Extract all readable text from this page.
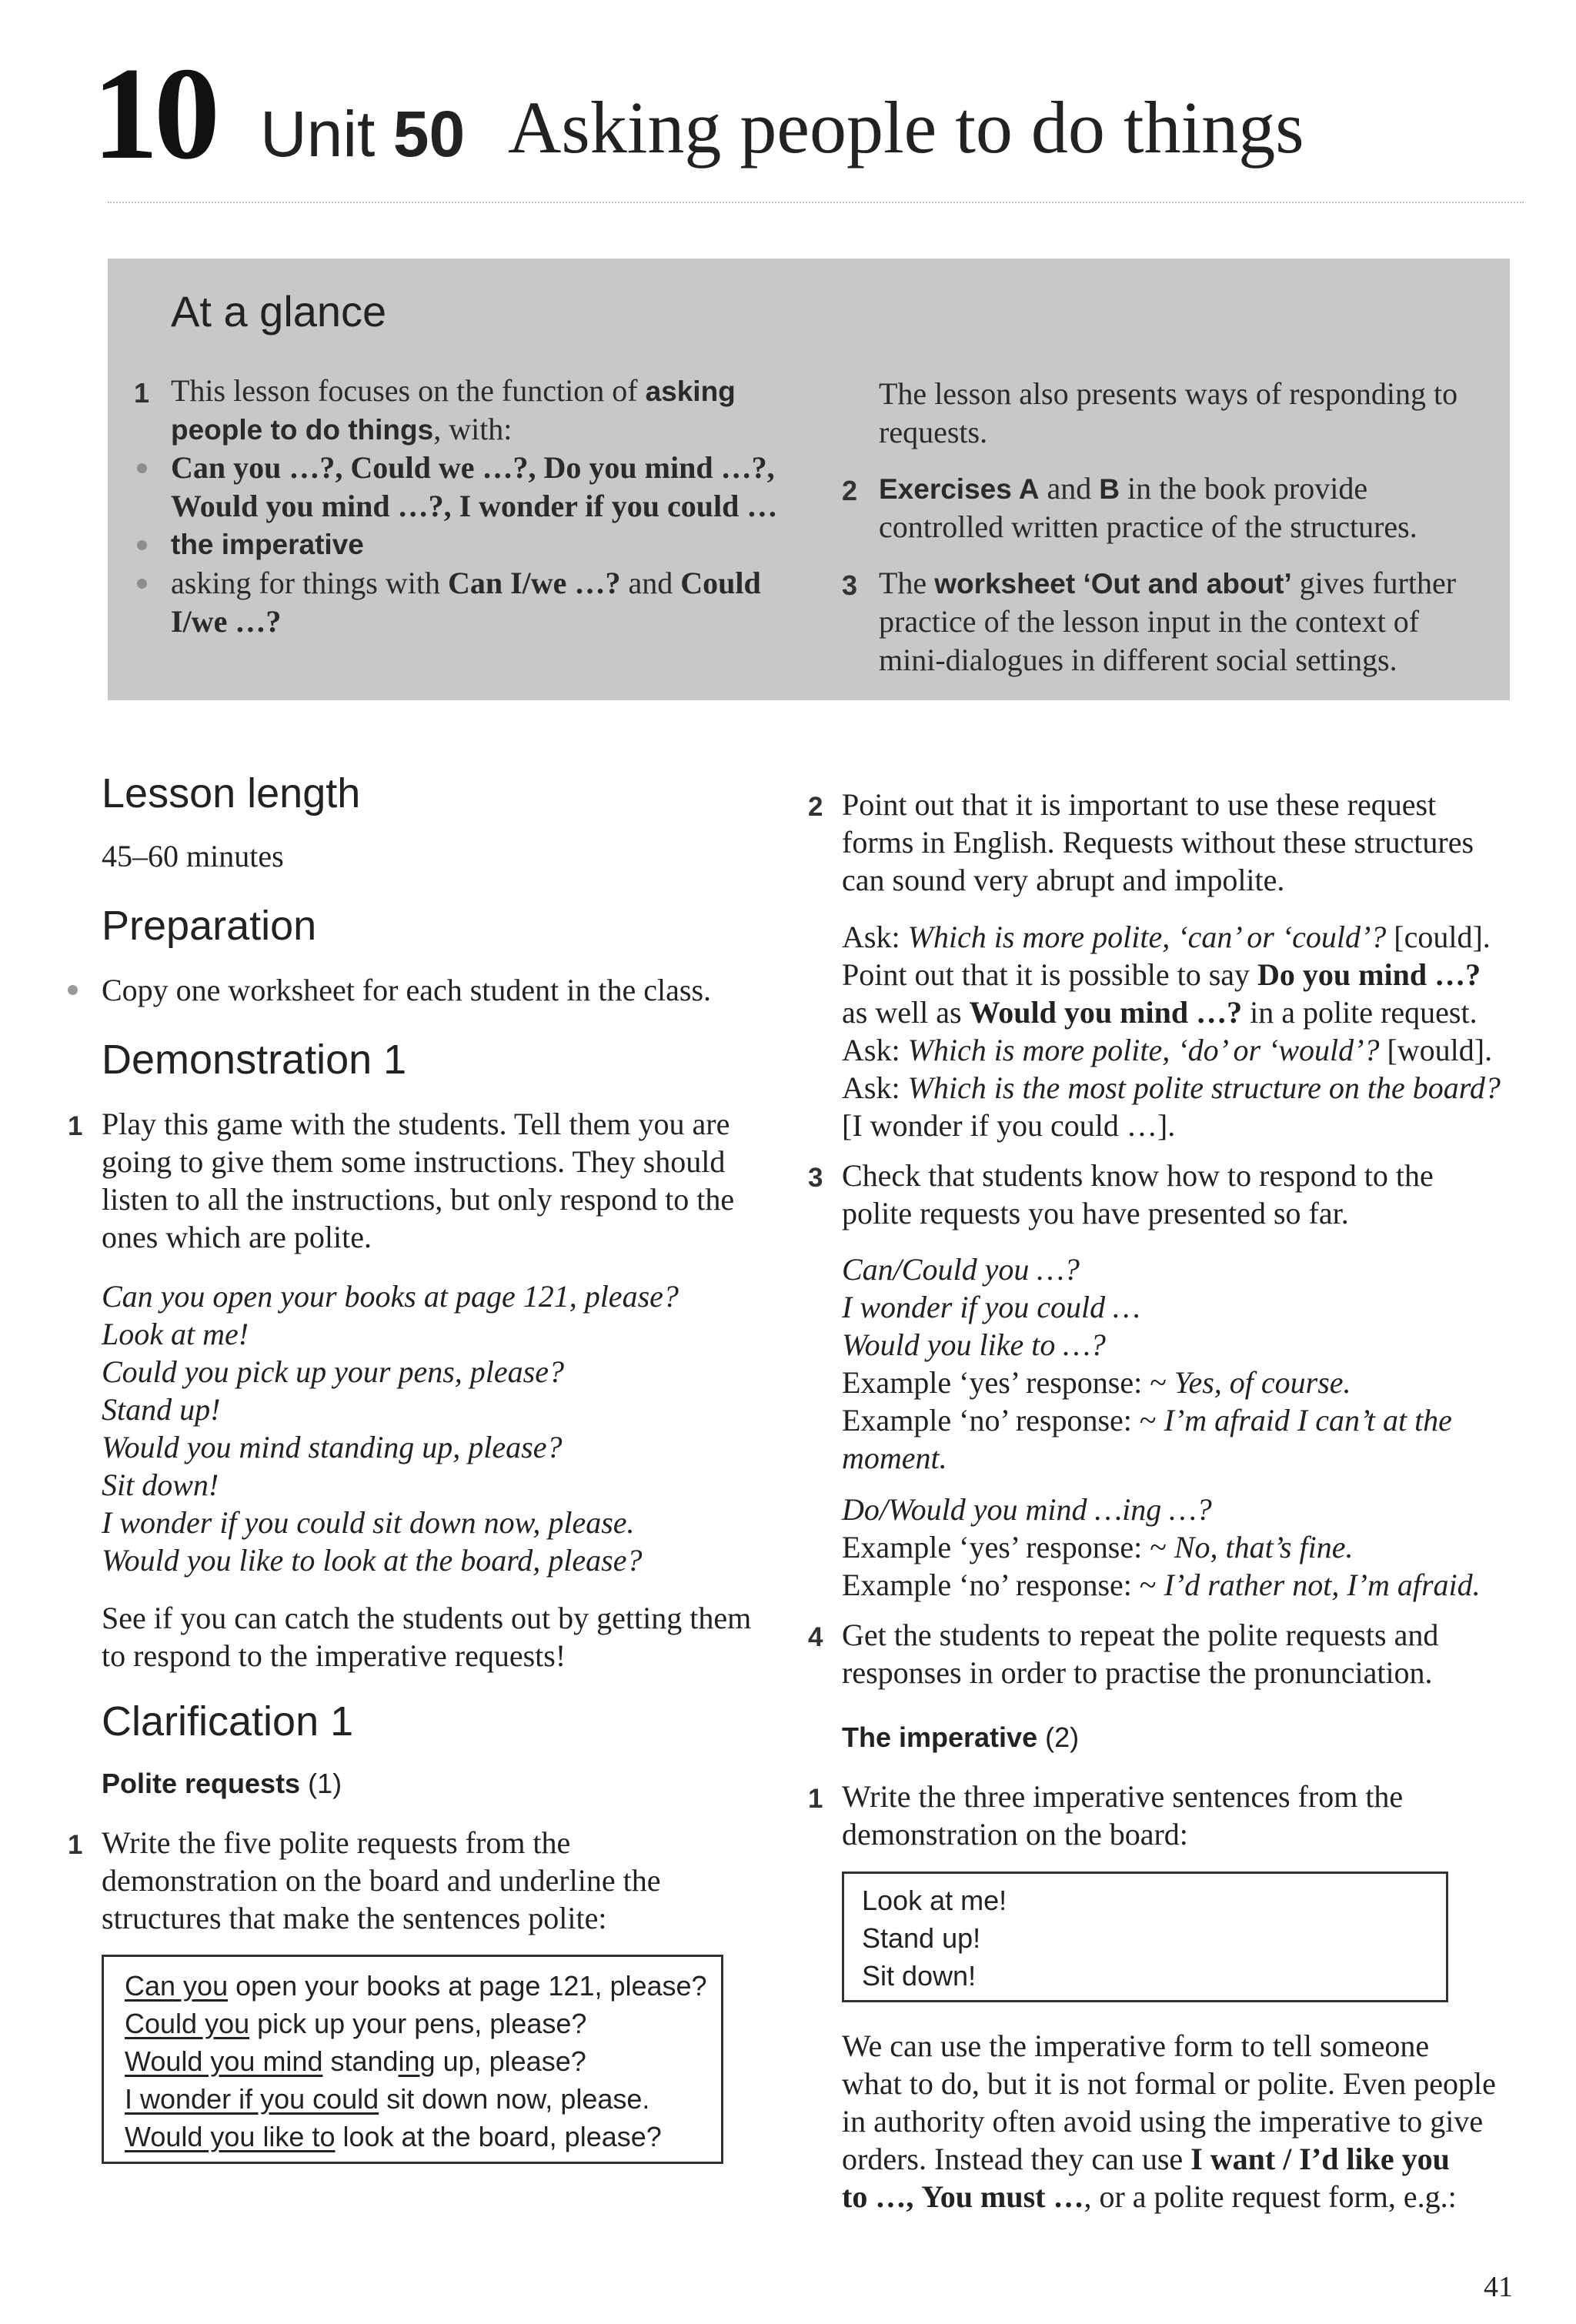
10 Unit 50 Asking people to do things
At a glance
1 This lesson focuses on the function of asking
people to do things, with:
Can you …?, Could we …?, Do you mind …?,
Would you mind …?, I wonder if you could …
the imperative
asking for things with Can I/we …? and Could
I/we …?
The lesson also presents ways of responding to
requests.
2 Exercises A and B in the book provide
controlled written practice of the structures.
3 The worksheet ‘Out and about’ gives further
practice of the lesson input in the context of
mini-dialogues in different social settings.
Lesson length
45–60 minutes
Preparation
Copy one worksheet for each student in the class.
Demonstration 1
1 Play this game with the students. Tell them you are
going to give them some instructions. They should
listen to all the instructions, but only respond to the
ones which are polite.
Can you open your books at page 121, please?
Look at me!
Could you pick up your pens, please?
Stand up!
Would you mind standing up, please?
Sit down!
I wonder if you could sit down now, please.
Would you like to look at the board, please?
See if you can catch the students out by getting them
to respond to the imperative requests!
Clarification 1
Polite requests (1)
1 Write the five polite requests from the
demonstration on the board and underline the
structures that make the sentences polite:
Can you open your books at page 121, please?
Could you pick up your pens, please?
Would you mind standing up, please?
I wonder if you could sit down now, please.
Would you like to look at the board, please?
2 Point out that it is important to use these request
forms in English. Requests without these structures
can sound very abrupt and impolite.
Ask: Which is more polite, ‘can’ or ‘could’? [could].
Point out that it is possible to say Do you mind …?
as well as Would you mind …? in a polite request.
Ask: Which is more polite, ‘do’ or ‘would’? [would].
Ask: Which is the most polite structure on the board?
[I wonder if you could …].
3 Check that students know how to respond to the
polite requests you have presented so far.
Can/Could you …?
I wonder if you could …
Would you like to …?
Example ‘yes’ response: ~ Yes, of course.
Example ‘no’ response: ~ I’m afraid I can’t at the
moment.
Do/Would you mind …ing …?
Example ‘yes’ response: ~ No, that’s fine.
Example ‘no’ response: ~ I’d rather not, I’m afraid.
4 Get the students to repeat the polite requests and
responses in order to practise the pronunciation.
The imperative (2)
1 Write the three imperative sentences from the
demonstration on the board:
Look at me!
Stand up!
Sit down!
We can use the imperative form to tell someone
what to do, but it is not formal or polite. Even people
in authority often avoid using the imperative to give
orders. Instead they can use I want / I’d like you
to …, You must …, or a polite request form, e.g.:
41
